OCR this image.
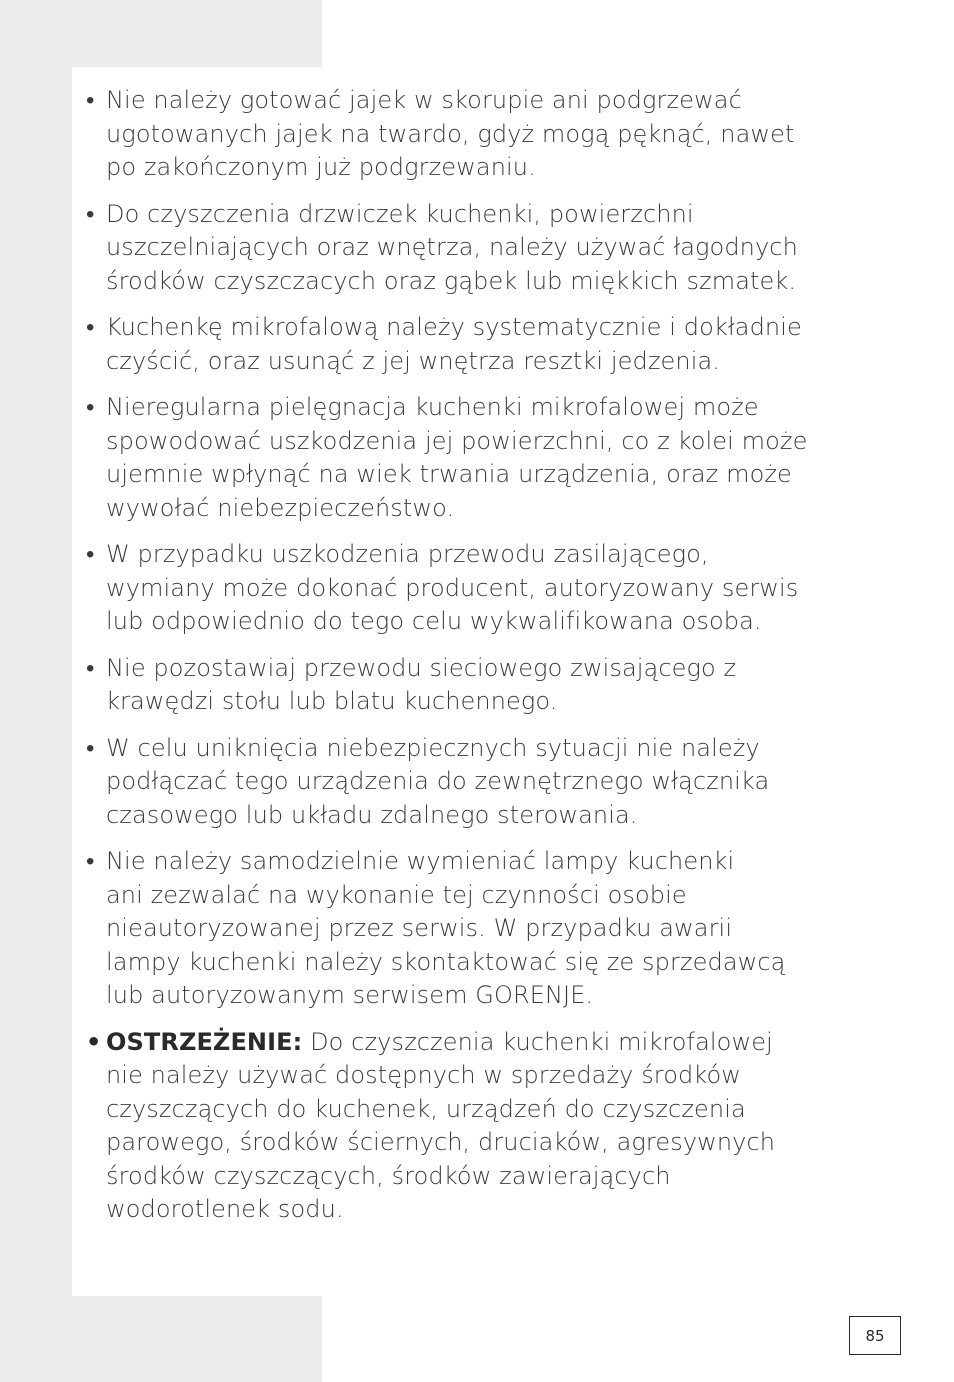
• Nie należy gotować jajek w skorupie ani podgrzewać
ugotowanych jajek na twardo, gdyż mogą pęknąć, nawet
po zakończonym już podgrzewaniu.
• Do czyszczenia drzwiczek kuchenki, powierzchni
uszczelniających oraz wnętrza, należy używać łagodnych
środków czyszczacych oraz gąbek lub miękkich szmatek.
• Kuchenkę mikrofalową należy systematycznie i dokładnie
czyścić, oraz usunąć z jej wnętrza resztki jedzenia.
• Nieregularna pielęgnacja kuchenki mikrofalowej może
spowodować uszkodzenia jej powierzchni, co z kolei może
ujemnie wpłynąć na wiek trwania urządzenia, oraz może
wywołać niebezpieczeństwo.
• W przypadku uszkodzenia przewodu zasilającego,
wymiany może dokonać producent, autoryzowany serwis
lub odpowiednio do tego celu wykwalifikowana osoba.
• Nie pozostawiaj przewodu sieciowego zwisającego z
krawędzi stołu lub blatu kuchennego.
• W celu uniknięcia niebezpiecznych sytuacji nie należy
podłączać tego urządzenia do zewnętrznego włącznika
czasowego lub układu zdalnego sterowania.
• Nie należy samodzielnie wymieniać lampy kuchenki
ani zezwalać na wykonanie tej czynności osobie
nieautoryzowanej przez serwis. W przypadku awarii
lampy kuchenki należy skontaktować się ze sprzedawcą
lub autoryzowanym serwisem GORENJE.
• OSTRZEŻENIE: Do czyszczenia kuchenki mikrofalowej
nie należy używać dostępnych w sprzedaży środków
czyszczących do kuchenek, urządzeń do czyszczenia
parowego, środków ściernych, druciaków, agresywnych
środków czyszczących, środków zawierających
wodorotlenek sodu.
85
